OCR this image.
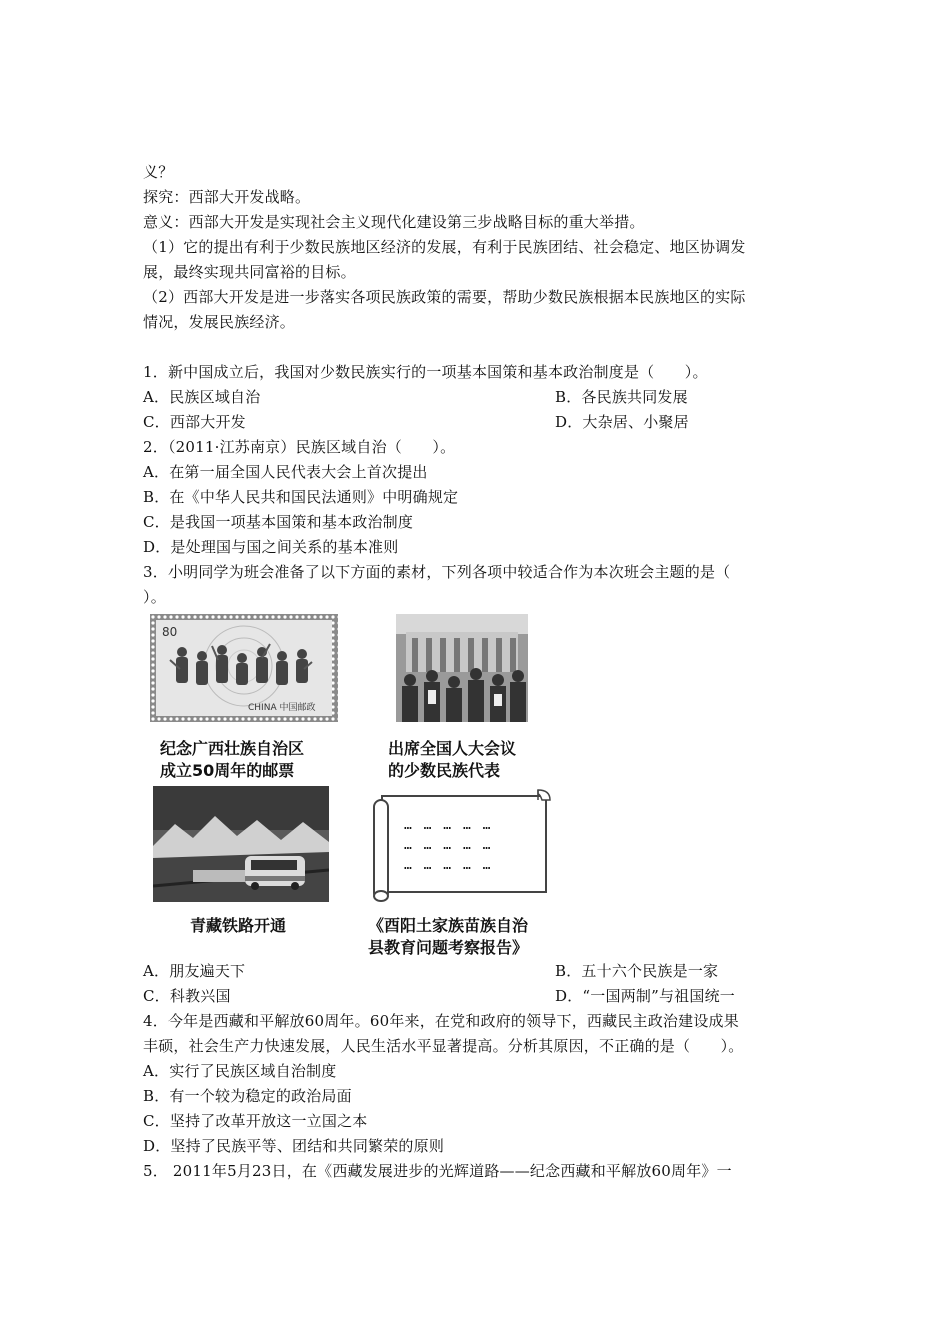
义？
探究：西部大开发战略。
意义：西部大开发是实现社会主义现代化建设第三步战略目标的重大举措。
（1）它的提出有利于少数民族地区经济的发展，有利于民族团结、社会稳定、地区协调发
展，最终实现共同富裕的目标。
（2）西部大开发是进一步落实各项民族政策的需要，帮助少数民族根据本民族地区的实际
情况，发展民族经济。
1．新中国成立后，我国对少数民族实行的一项基本国策和基本政治制度是（　　）。
A．民族区域自治	B．各民族共同发展
C．西部大开发	D．大杂居、小聚居
2．（2011·江苏南京）民族区域自治（　　）。
A．在第一届全国人民代表大会上首次提出
B．在《中华人民共和国民法通则》中明确规定
C．是我国一项基本国策和基本政治制度
D．是处理国与国之间关系的基本准则
3．小明同学为班会准备了以下方面的素材，下列各项中较适合作为本次班会主题的是（
）。
80
CHINA 中国邮政
纪念广西壮族自治区
成立50周年的邮票
出席全国人大会议
的少数民族代表
青藏铁路开通
… … … … …
… … … … …
… … … … …
《酉阳土家族苗族自治
县教育问题考察报告》
A．朋友遍天下	B．五十六个民族是一家
C．科教兴国	D．“一国两制”与祖国统一
4．今年是西藏和平解放60周年。60年来，在党和政府的领导下，西藏民主政治建设成果
丰硕，社会生产力快速发展，人民生活水平显著提高。分析其原因，不正确的是（　　）。
A．实行了民族区域自治制度
B．有一个较为稳定的政治局面
C．坚持了改革开放这一立国之本
D．坚持了民族平等、团结和共同繁荣的原则
5． 2011年5月23日，在《西藏发展进步的光辉道路——纪念西藏和平解放60周年》一
